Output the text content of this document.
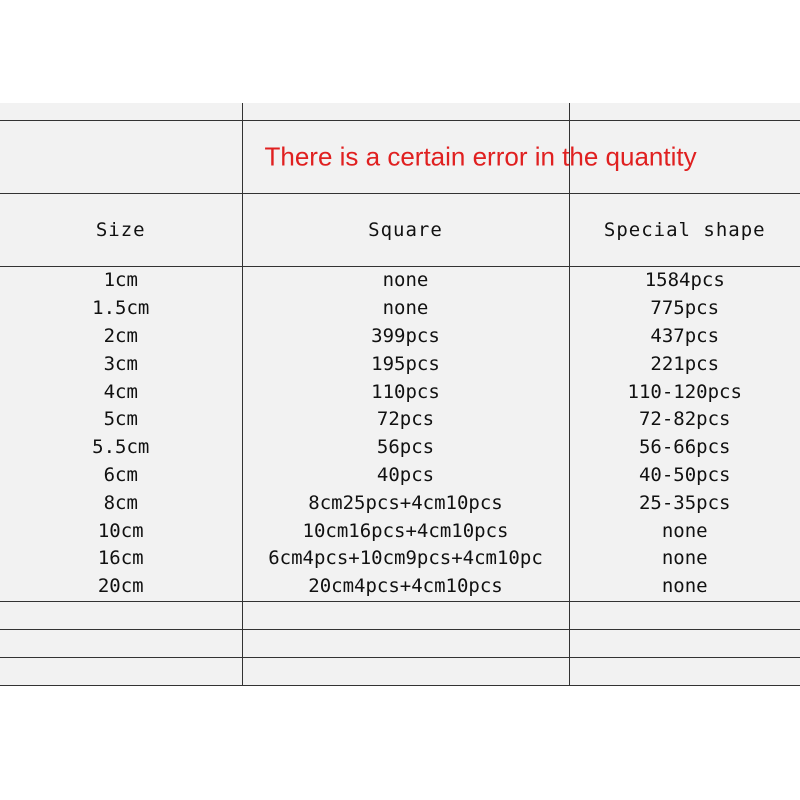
	There is a certain error in the quantity	

Size	Square	Special shape
1cm	none	1584pcs
1.5cm	none	775pcs
2cm	399pcs	437pcs
3cm	195pcs	221pcs
4cm	110pcs	110-120pcs
5cm	72pcs	72-82pcs
5.5cm	56pcs	56-66pcs
6cm	40pcs	40-50pcs
8cm	8cm25pcs+4cm10pcs	25-35pcs
10cm	10cm16pcs+4cm10pcs	none
16cm	6cm4pcs+10cm9pcs+4cm10pc	none
20cm	20cm4pcs+4cm10pcs	none
